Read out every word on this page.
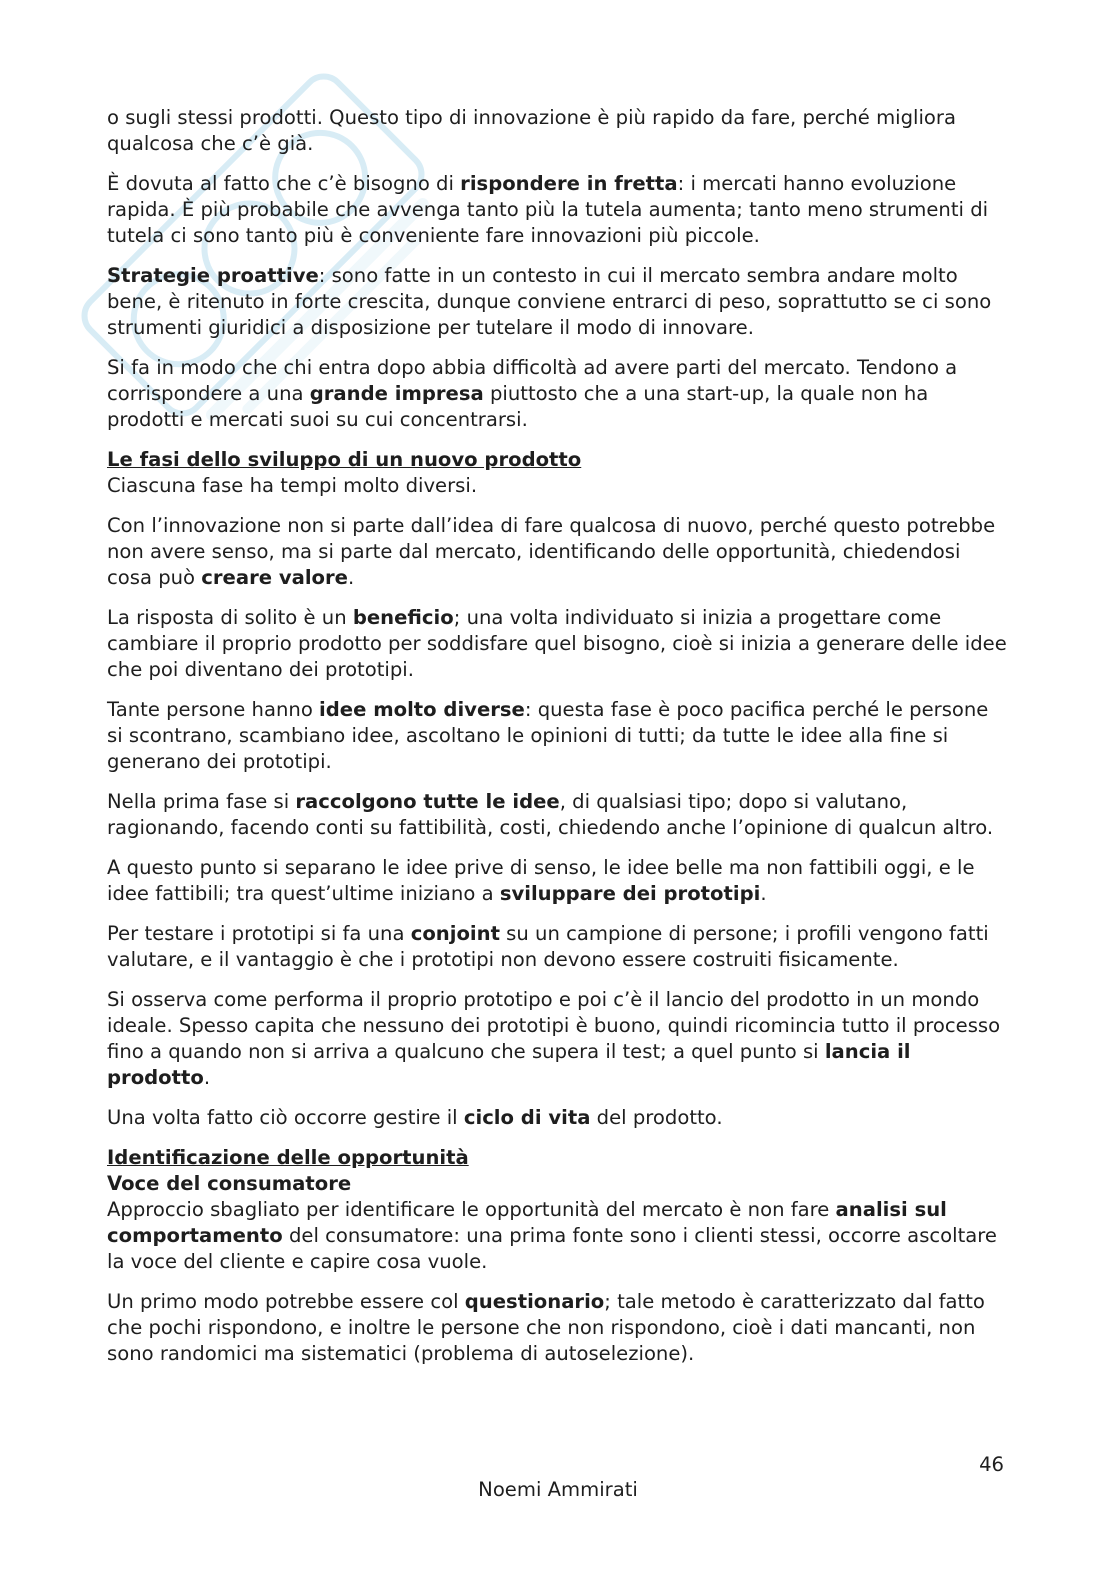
o sugli stessi prodotti. Questo tipo di innovazione è più rapido da fare, perché migliora qualcosa che c’è già.

È dovuta al fatto che c’è bisogno di rispondere in fretta: i mercati hanno evoluzione rapida. È più probabile che avvenga tanto più la tutela aumenta; tanto meno strumenti di tutela ci sono tanto più è conveniente fare innovazioni più piccole.

Strategie proattive: sono fatte in un contesto in cui il mercato sembra andare molto bene, è ritenuto in forte crescita, dunque conviene entrarci di peso, soprattutto se ci sono strumenti giuridici a disposizione per tutelare il modo di innovare.

Si fa in modo che chi entra dopo abbia difficoltà ad avere parti del mercato. Tendono a corrispondere a una grande impresa piuttosto che a una start-up, la quale non ha prodotti e mercati suoi su cui concentrarsi.

Le fasi dello sviluppo di un nuovo prodotto

Ciascuna fase ha tempi molto diversi.

Con l’innovazione non si parte dall’idea di fare qualcosa di nuovo, perché questo potrebbe non avere senso, ma si parte dal mercato, identificando delle opportunità, chiedendosi cosa può creare valore.

La risposta di solito è un beneficio; una volta individuato si inizia a progettare come cambiare il proprio prodotto per soddisfare quel bisogno, cioè si inizia a generare delle idee che poi diventano dei prototipi.

Tante persone hanno idee molto diverse: questa fase è poco pacifica perché le persone si scontrano, scambiano idee, ascoltano le opinioni di tutti; da tutte le idee alla fine si generano dei prototipi.

Nella prima fase si raccolgono tutte le idee, di qualsiasi tipo; dopo si valutano, ragionando, facendo conti su fattibilità, costi, chiedendo anche l’opinione di qualcun altro.

A questo punto si separano le idee prive di senso, le idee belle ma non fattibili oggi, e le idee fattibili; tra quest’ultime iniziano a sviluppare dei prototipi.

Per testare i prototipi si fa una conjoint su un campione di persone; i profili vengono fatti valutare, e il vantaggio è che i prototipi non devono essere costruiti fisicamente.

Si osserva come performa il proprio prototipo e poi c’è il lancio del prodotto in un mondo ideale. Spesso capita che nessuno dei prototipi è buono, quindi ricomincia tutto il processo fino a quando non si arriva a qualcuno che supera il test; a quel punto si lancia il prodotto.

Una volta fatto ciò occorre gestire il ciclo di vita del prodotto.

Identificazione delle opportunità
Voce del consumatore

Approccio sbagliato per identificare le opportunità del mercato è non fare analisi sul comportamento del consumatore: una prima fonte sono i clienti stessi, occorre ascoltare la voce del cliente e capire cosa vuole.

Un primo modo potrebbe essere col questionario; tale metodo è caratterizzato dal fatto che pochi rispondono, e inoltre le persone che non rispondono, cioè i dati mancanti, non sono randomici ma sistematici (problema di autoselezione).

46
Noemi Ammirati
